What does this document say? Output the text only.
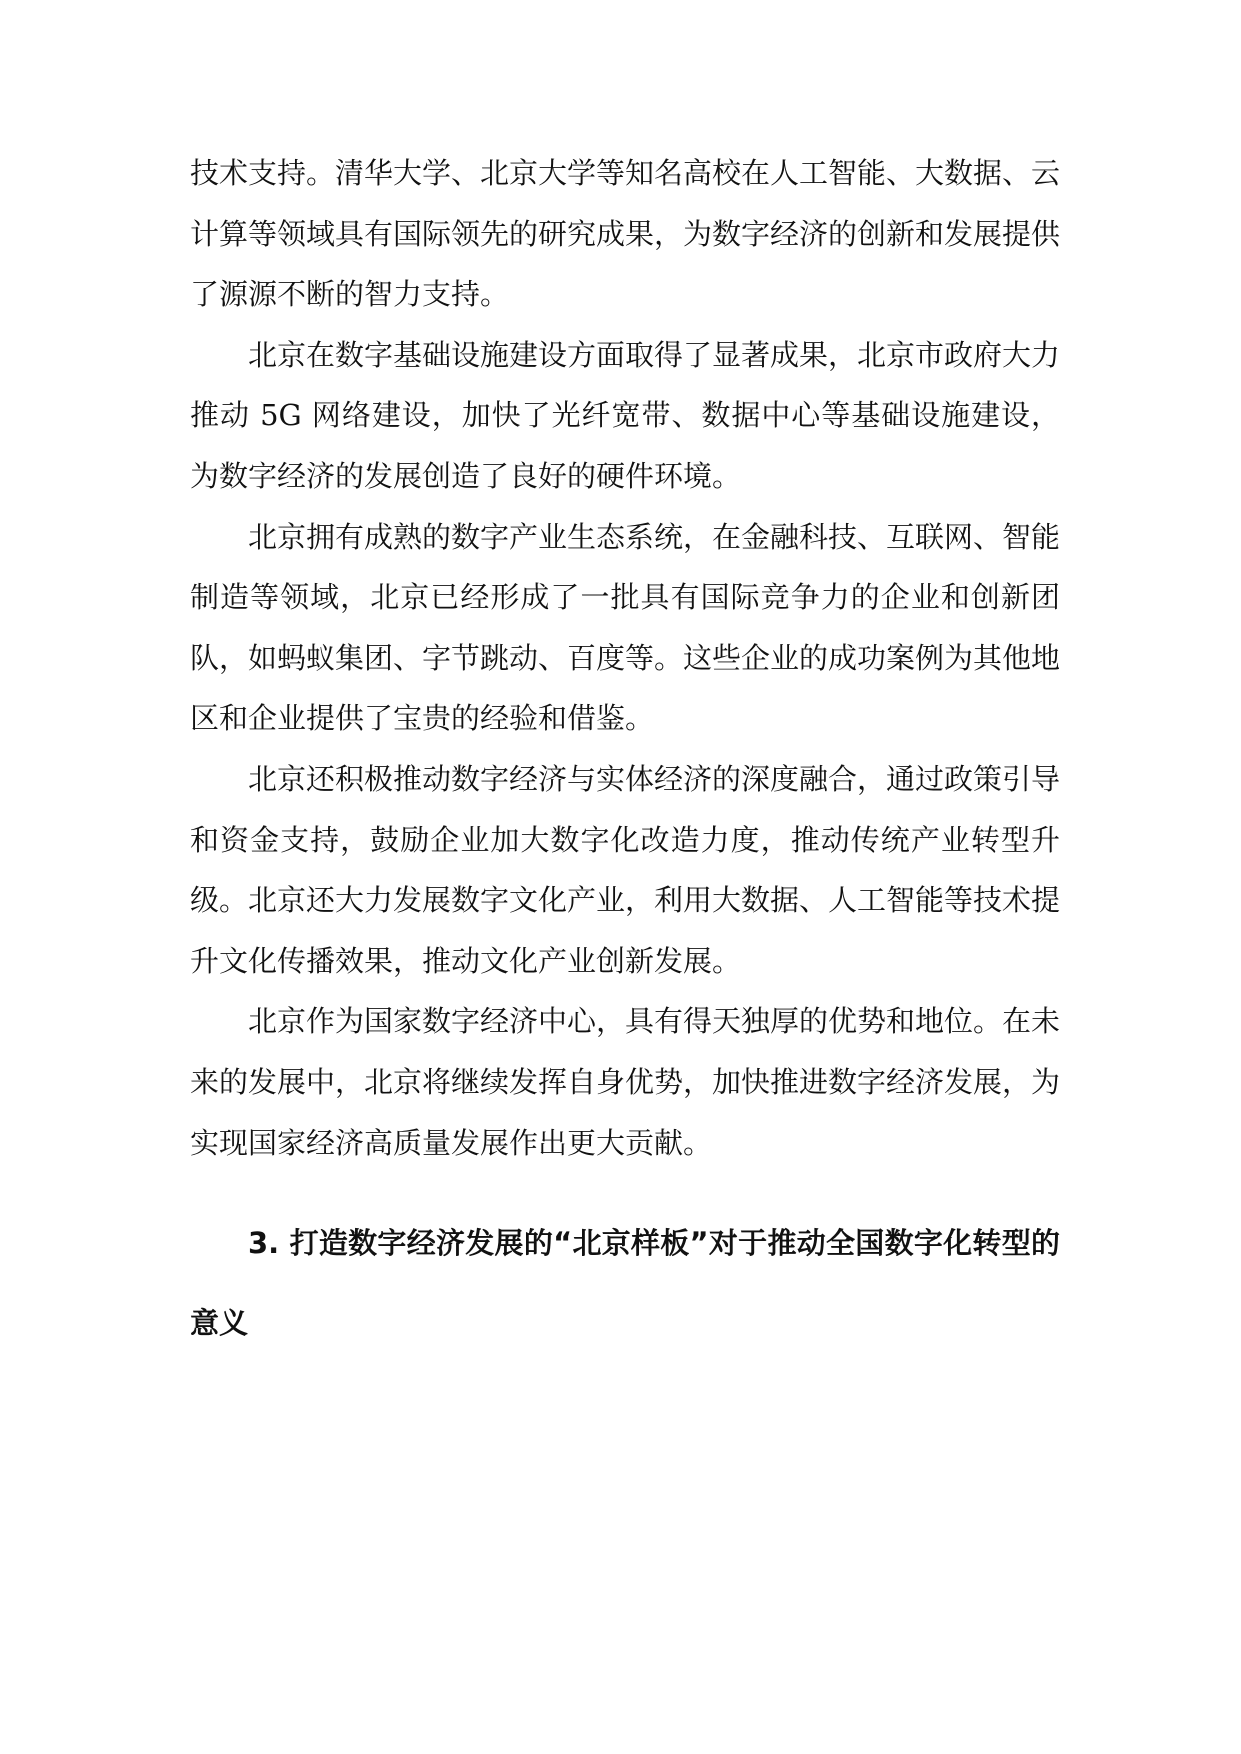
技术支持。清华大学、北京大学等知名高校在人工智能、大数据、云计算等领域具有国际领先的研究成果，为数字经济的创新和发展提供了源源不断的智力支持。

北京在数字基础设施建设方面取得了显著成果，北京市政府大力推动 5G 网络建设，加快了光纤宽带、数据中心等基础设施建设，为数字经济的发展创造了良好的硬件环境。

北京拥有成熟的数字产业生态系统，在金融科技、互联网、智能制造等领域，北京已经形成了一批具有国际竞争力的企业和创新团队，如蚂蚁集团、字节跳动、百度等。这些企业的成功案例为其他地区和企业提供了宝贵的经验和借鉴。

北京还积极推动数字经济与实体经济的深度融合，通过政策引导和资金支持，鼓励企业加大数字化改造力度，推动传统产业转型升级。北京还大力发展数字文化产业，利用大数据、人工智能等技术提升文化传播效果，推动文化产业创新发展。

北京作为国家数字经济中心，具有得天独厚的优势和地位。在未来的发展中，北京将继续发挥自身优势，加快推进数字经济发展，为实现国家经济高质量发展作出更大贡献。

3. 打造数字经济发展的“北京样板”对于推动全国数字化转型的意义
